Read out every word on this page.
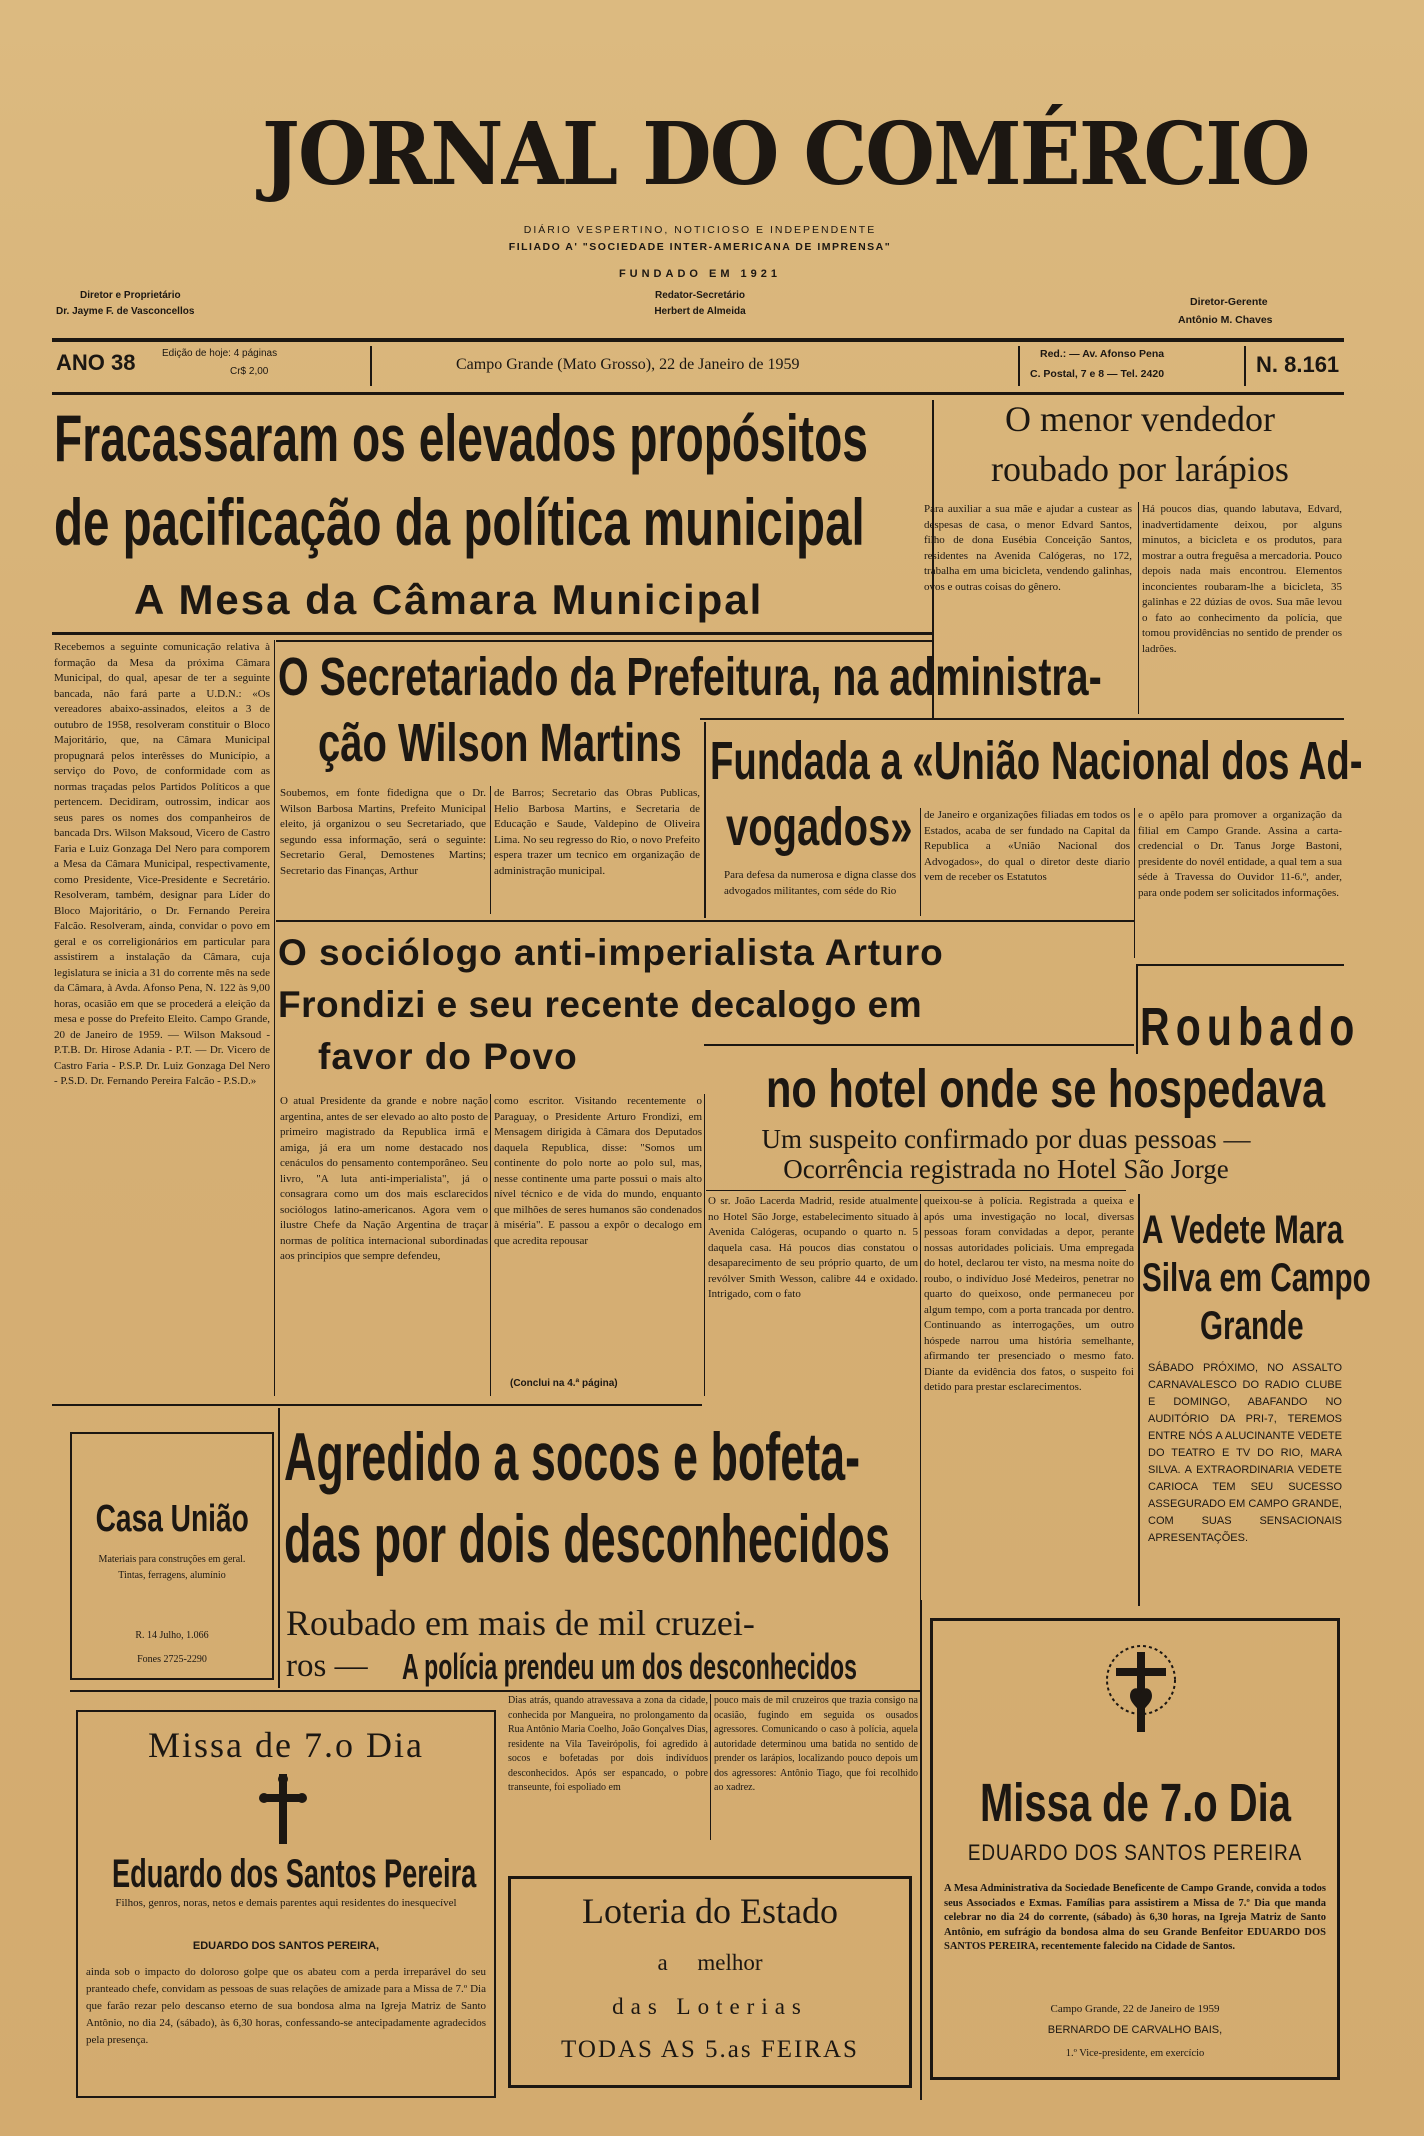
JORNAL DO COMÉRCIO
DIÁRIO VESPERTINO, NOTICIOSO E INDEPENDENTE
FILIADO A' "SOCIEDADE INTER-AMERICANA DE IMPRENSA"
FUNDADO EM 1921
Redator-Secretário
Herbert de Almeida
Diretor e Proprietário
Dr. Jayme F. de Vasconcellos
Diretor-Gerente
Antônio M. Chaves
ANO 38	Edição de hoje: 4 páginas
Cr$ 2,00	Campo Grande (Mato Grosso), 22 de Janeiro de 1959
Red.: — Av. Afonso Pena
C. Postal, 7 e 8 — Tel. 2420	N. 8.161
Fracassaram os elevados propósitos
de pacificação da política municipal
A Mesa da Câmara Municipal
Recebemos a seguinte comunicação relativa à formação da Mesa da próxima Câmara Municipal, do qual, apesar de ter a seguinte bancada, não fará parte a U.D.N.: «Os vereadores abaixo-assinados, eleitos a 3 de outubro de 1958, resolveram constituir o Bloco Majoritário, que, na Câmara Municipal propugnará pelos interêsses do Município, a serviço do Povo, de conformidade com as normas traçadas pelos Partidos Políticos a que pertencem. Decidiram, outrossim, indicar aos seus pares os nomes dos companheiros de bancada Drs. Wilson Maksoud, Vicero de Castro Faria e Luiz Gonzaga Del Nero para comporem a Mesa da Câmara Municipal, respectivamente, como Presidente, Vice-Presidente e Secretário. Resolveram, também, designar para Líder do Bloco Majoritário, o Dr. Fernando Pereira Falcão. Resolveram, ainda, convidar o povo em geral e os correligionários em particular para assistirem a instalação da Câmara, cuja legislatura se inicia a 31 do corrente mês na sede da Câmara, à Avda. Afonso Pena, N. 122 às 9,00 horas, ocasião em que se procederá a eleição da mesa e posse do Prefeito Eleito. Campo Grande, 20 de Janeiro de 1959. — Wilson Maksoud - P.T.B. Dr. Hirose Adania - P.T. — Dr. Vicero de Castro Faria - P.S.P. Dr. Luiz Gonzaga Del Nero - P.S.D. Dr. Fernando Pereira Falcão - P.S.D.»
O menor vendedor
roubado por larápios
Para auxiliar a sua mãe e ajudar a custear as despesas de casa, o menor Edvard Santos, filho de dona Eusébia Conceição Santos, residentes na Avenida Calógeras, no 172, trabalha em uma bicicleta, vendendo galinhas, ovos e outras coisas do gênero.
Há poucos dias, quando labutava, Edvard, inadvertidamente deixou, por alguns minutos, a bicicleta e os produtos, para mostrar a outra freguêsa a mercadoria. Pouco depois nada mais encontrou. Elementos inconcientes roubaram-lhe a bicicleta, 35 galinhas e 22 dúzias de ovos. Sua mãe levou o fato ao conhecimento da polícia, que tomou providências no sentido de prender os ladrões.
O Secretariado da Prefeitura, na administra-
ção Wilson Martins
Soubemos, em fonte fidedigna que o Dr. Wilson Barbosa Martins, Prefeito Municipal eleito, já organizou o seu Secretariado, que segundo essa informação, será o seguinte: Secretario Geral, Demostenes Martins; Secretario das Finanças, Arthur
de Barros; Secretario das Obras Publicas, Helio Barbosa Martins, e Secretaria de Educação e Saude, Valdepino de Oliveira Lima. No seu regresso do Rio, o novo Prefeito espera trazer um tecnico em organização de administração municipal.
Fundada a «União Nacional dos Ad-
vogados»
Para defesa da numerosa e digna classe dos advogados militantes, com séde do Rio
de Janeiro e organizações filiadas em todos os Estados, acaba de ser fundado na Capital da Republica a «União Nacional dos Advogados», do qual o diretor deste diario vem de receber os Estatutos
e o apêlo para promover a organização da filial em Campo Grande. Assina a carta-credencial o Dr. Tanus Jorge Bastoni, presidente do novél entidade, a qual tem a sua séde à Travessa do Ouvidor 11-6.º, ander, para onde podem ser solicitados informações.
O sociólogo anti-imperialista Arturo
Frondizi e seu recente decalogo em
favor do Povo
O atual Presidente da grande e nobre nação argentina, antes de ser elevado ao alto posto de primeiro magistrado da Republica irmã e amiga, já era um nome destacado nos cenáculos do pensamento contemporâneo. Seu livro, "A luta anti-imperialista", já o consagrara como um dos mais esclarecidos sociólogos latino-americanos. Agora vem o ilustre Chefe da Nação Argentina de traçar normas de política internacional subordinadas aos principios que sempre defendeu,
como escritor. Visitando recentemente o Paraguay, o Presidente Arturo Frondizi, em Mensagem dirigida à Câmara dos Deputados daquela Republica, disse: "Somos um continente do polo norte ao polo sul, mas, nesse continente uma parte possui o mais alto nível técnico e de vida do mundo, enquanto que milhões de seres humanos são condenados à miséria". E passou a expôr o decalogo em que acredita repousar
(Conclui na 4.ª página)
Roubado
no hotel onde se hospedava
Um suspeito confirmado por duas pessoas —
Ocorrência registrada no Hotel São Jorge
O sr. João Lacerda Madrid, reside atualmente no Hotel São Jorge, estabelecimento situado à Avenida Calógeras, ocupando o quarto n. 5 daquela casa. Há poucos dias constatou o desaparecimento de seu próprio quarto, de um revólver Smith Wesson, calibre 44 e oxidado. Intrigado, com o fato
queixou-se à polícia. Registrada a queixa e após uma investigação no local, diversas pessoas foram convidadas a depor, perante nossas autoridades policiais. Uma empregada do hotel, declarou ter visto, na mesma noite do roubo, o indivíduo José Medeiros, penetrar no quarto do queixoso, onde permaneceu por algum tempo, com a porta trancada por dentro. Continuando as interrogações, um outro hóspede narrou uma história semelhante, afirmando ter presenciado o mesmo fato. Diante da evidência dos fatos, o suspeito foi detido para prestar esclarecimentos.
A Vedete Mara
Silva em Campo
Grande
SÁBADO PRÓXIMO, NO ASSALTO CARNAVALESCO DO RADIO CLUBE E DOMINGO, ABAFANDO NO AUDITÓRIO DA PRI-7, TEREMOS ENTRE NÓS A ALUCINANTE VEDETE DO TEATRO E TV DO RIO, MARA SILVA. A EXTRAORDINARIA VEDETE CARIOCA TEM SEU SUCESSO ASSEGURADO EM CAMPO GRANDE, COM SUAS SENSACIONAIS APRESENTAÇÕES.
Casa União
Materiais para construções em geral. Tintas, ferragens, alumínio
R. 14 Julho, 1.066
Fones 2725-2290
Agredido a socos e bofeta-
das por dois desconhecidos
Roubado em mais de mil cruzei-
ros — A polícia prendeu um dos desconhecidos
Dias atrás, quando atravessava a zona da cidade, conhecida por Mangueira, no prolongamento da Rua Antônio Maria Coelho, João Gonçalves Dias, residente na Vila Taveirópolis, foi agredido à socos e bofetadas por dois indivíduos desconhecidos. Após ser espancado, o pobre transeunte, foi espoliado em
pouco mais de mil cruzeiros que trazia consigo na ocasião, fugindo em seguida os ousados agressores. Comunicando o caso à polícia, aquela autoridade determinou uma batida no sentido de prender os larápios, localizando pouco depois um dos agressores: Antônio Tiago, que foi recolhido ao xadrez.
Missa de 7.o Dia
Eduardo dos Santos Pereira
Filhos, genros, noras, netos e demais parentes aqui residentes do inesquecível
EDUARDO DOS SANTOS PEREIRA,
ainda sob o impacto do doloroso golpe que os abateu com a perda irreparável do seu pranteado chefe, convidam as pessoas de suas relações de amizade para a Missa de 7.º Dia que farão rezar pelo descanso eterno de sua bondosa alma na Igreja Matriz de Santo Antônio, no dia 24, (sábado), às 6,30 horas, confessando-se antecipadamente agradecidos pela presença.
Loteria do Estado
a melhor
das Loterias
TODAS AS 5.as FEIRAS
Missa de 7.o Dia
EDUARDO DOS SANTOS PEREIRA
A Mesa Administrativa da Sociedade Beneficente de Campo Grande, convida a todos seus Associados e Exmas. Famílias para assistirem a Missa de 7.º Dia que manda celebrar no dia 24 do corrente, (sábado) às 6,30 horas, na Igreja Matriz de Santo Antônio, em sufrágio da bondosa alma do seu Grande Benfeitor EDUARDO DOS SANTOS PEREIRA, recentemente falecido na Cidade de Santos.
Campo Grande, 22 de Janeiro de 1959
BERNARDO DE CARVALHO BAIS,
1.º Vice-presidente, em exercício
